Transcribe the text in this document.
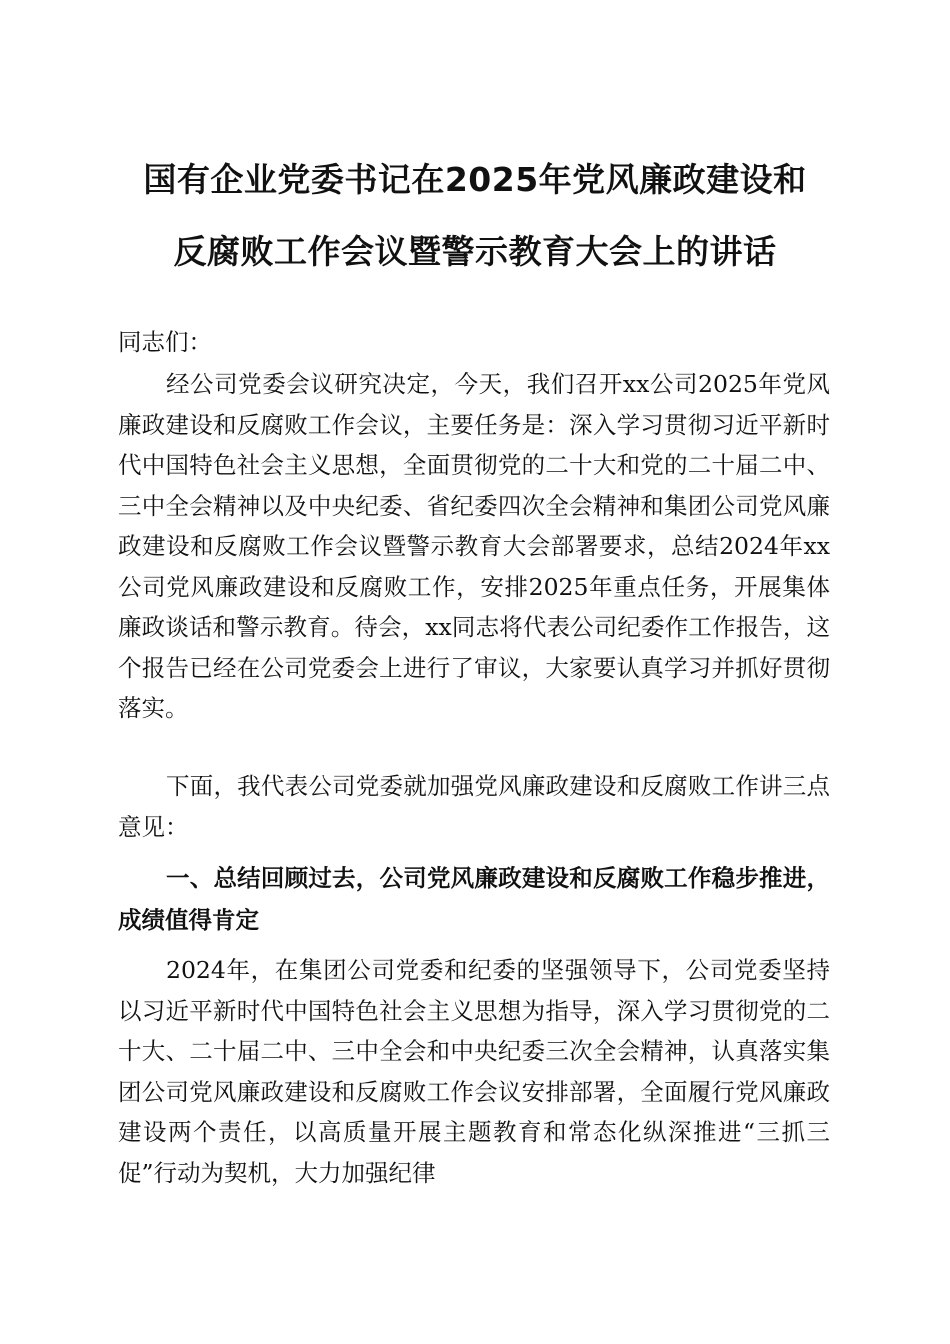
国有企业党委书记在2025年党风廉政建设和
反腐败工作会议暨警示教育大会上的讲话

同志们：

经公司党委会议研究决定，今天，我们召开xx公司2025年党风廉政建设和反腐败工作会议，主要任务是：深入学习贯彻习近平新时代中国特色社会主义思想，全面贯彻党的二十大和党的二十届二中、三中全会精神以及中央纪委、省纪委四次全会精神和集团公司党风廉政建设和反腐败工作会议暨警示教育大会部署要求，总结2024年xx公司党风廉政建设和反腐败工作，安排2025年重点任务，开展集体廉政谈话和警示教育。待会，xx同志将代表公司纪委作工作报告，这个报告已经在公司党委会上进行了审议，大家要认真学习并抓好贯彻落实。

下面，我代表公司党委就加强党风廉政建设和反腐败工作讲三点意见：

一、总结回顾过去，公司党风廉政建设和反腐败工作稳步推进，成绩值得肯定

2024年，在集团公司党委和纪委的坚强领导下，公司党委坚持以习近平新时代中国特色社会主义思想为指导，深入学习贯彻党的二十大、二十届二中、三中全会和中央纪委三次全会精神，认真落实集团公司党风廉政建设和反腐败工作会议安排部署，全面履行党风廉政建设两个责任，以高质量开展主题教育和常态化纵深推进“三抓三促”行动为契机，大力加强纪律
